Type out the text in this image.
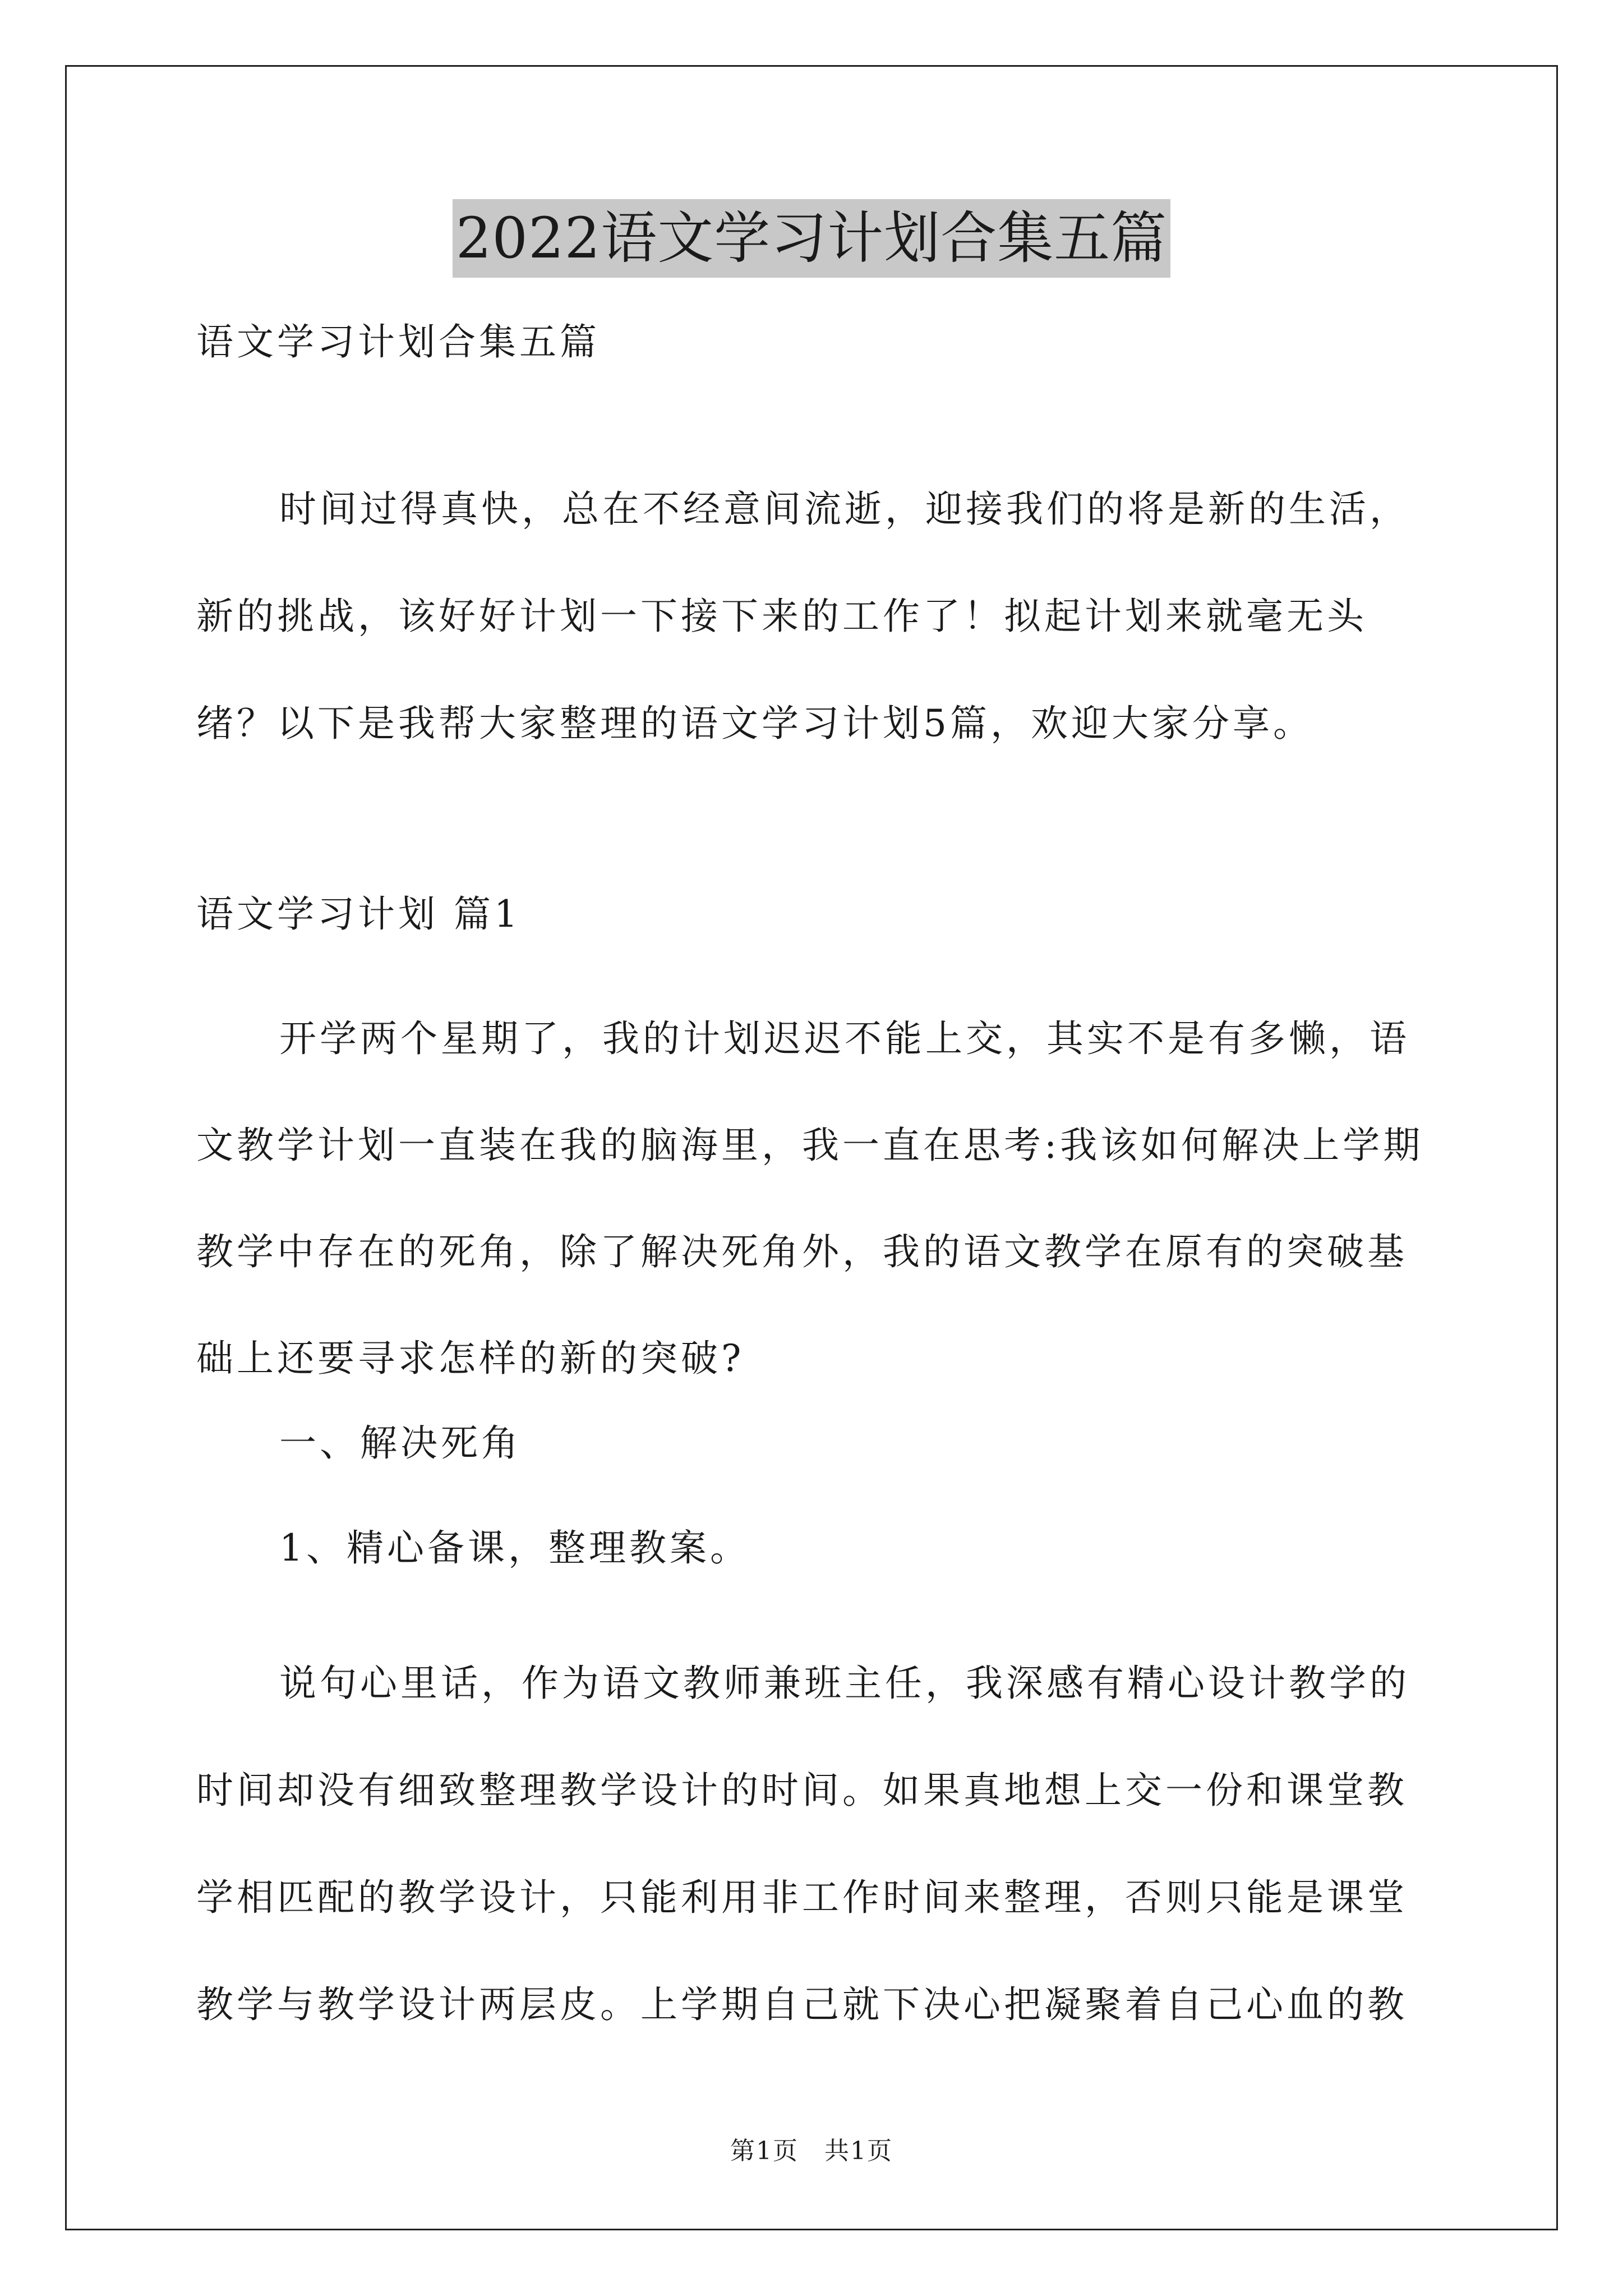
2022语文学习计划合集五篇

语文学习计划合集五篇

时间过得真快，总在不经意间流逝，迎接我们的将是新的生活，新的挑战，该好好计划一下接下来的工作了！拟起计划来就毫无头绪？以下是我帮大家整理的语文学习计划5篇，欢迎大家分享。

语文学习计划 篇1

开学两个星期了，我的计划迟迟不能上交，其实不是有多懒，语文教学计划一直装在我的脑海里，我一直在思考:我该如何解决上学期教学中存在的死角，除了解决死角外，我的语文教学在原有的突破基础上还要寻求怎样的新的突破?

一、解决死角

1、精心备课，整理教案。

说句心里话，作为语文教师兼班主任，我深感有精心设计教学的时间却没有细致整理教学设计的时间。如果真地想上交一份和课堂教学相匹配的教学设计，只能利用非工作时间来整理，否则只能是课堂教学与教学设计两层皮。上学期自己就下决心把凝聚着自己心血的教

第1页　共1页
